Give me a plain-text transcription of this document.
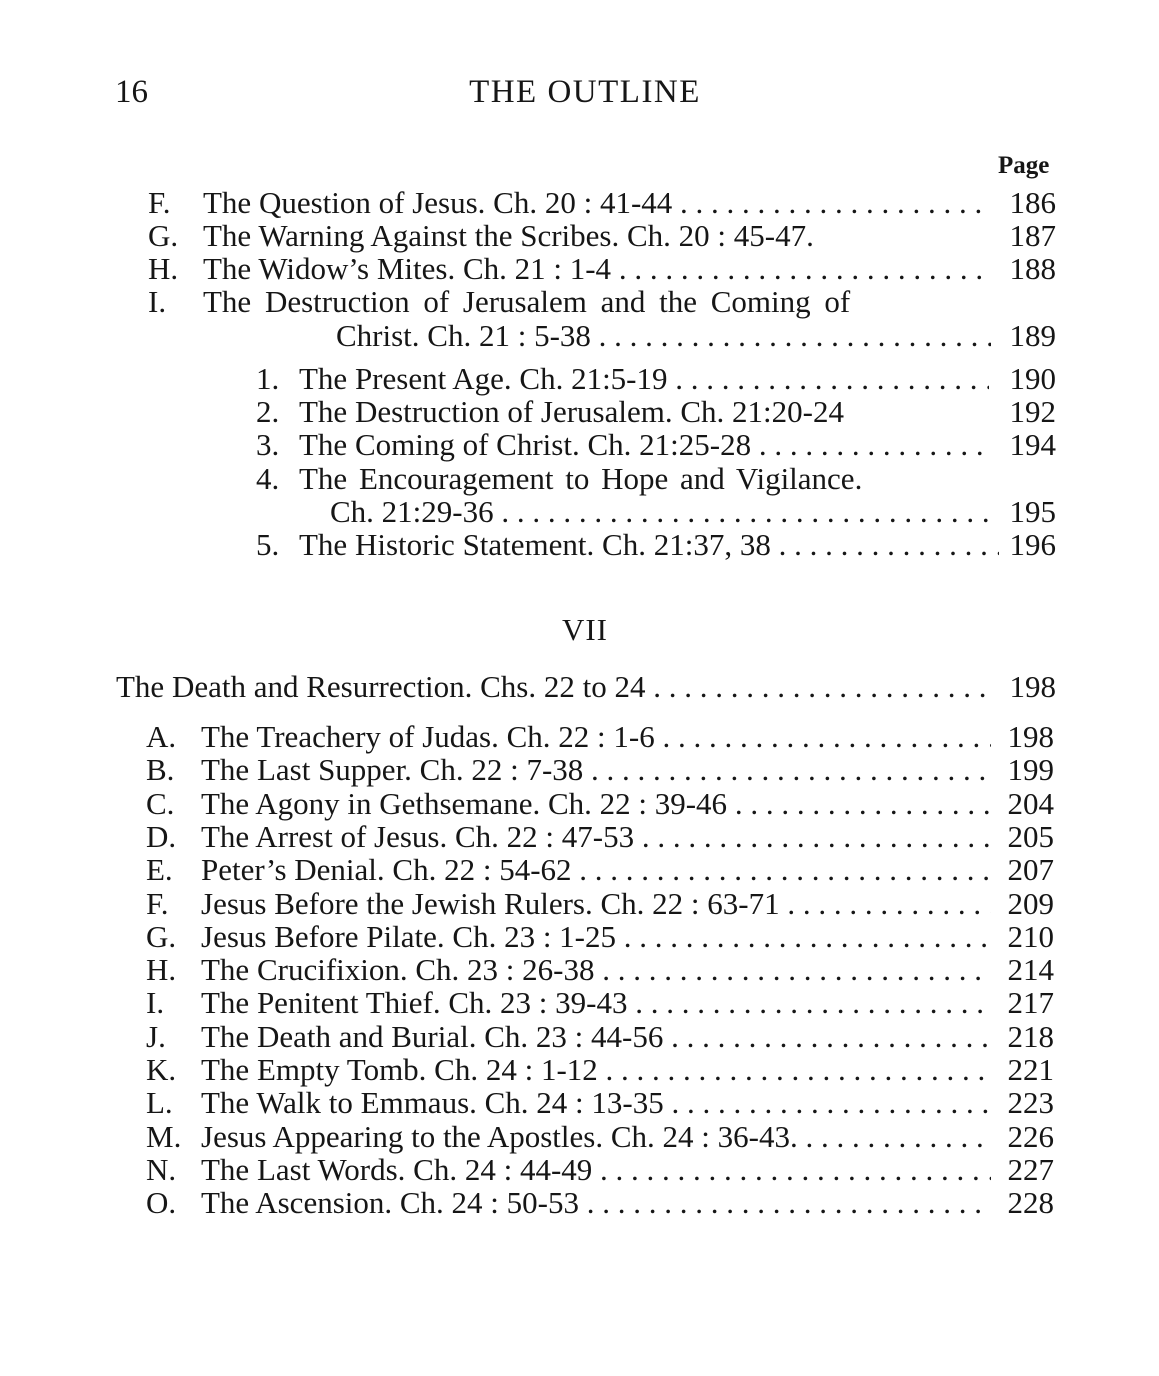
16	THE OUTLINE
Page
F. The Question of Jesus. Ch. 20 : 41-44 . . .	186
G. The Warning Against the Scribes. Ch. 20 : 45-47.	187
H. The Widow’s Mites. Ch. 21 : 1-4 . . .	188
I. The Destruction of Jerusalem and the Coming of
Christ. Ch. 21 : 5-38 . . .	189
1. The Present Age. Ch. 21:5-19 . . .	190
2. The Destruction of Jerusalem. Ch. 21:20-24	192
3. The Coming of Christ. Ch. 21:25-28 . . .	194
4. The Encouragement to Hope and Vigilance.
Ch. 21:29-36 . . .	195
5. The Historic Statement. Ch. 21:37, 38 . . .	196
VII
The Death and Resurrection. Chs. 22 to 24 . . .	198
A. The Treachery of Judas. Ch. 22 : 1-6 . . .	198
B. The Last Supper. Ch. 22 : 7-38 . . .	199
C. The Agony in Gethsemane. Ch. 22 : 39-46 . . .	204
D. The Arrest of Jesus. Ch. 22 : 47-53 . . .	205
E. Peter’s Denial. Ch. 22 : 54-62 . . .	207
F. Jesus Before the Jewish Rulers. Ch. 22 : 63-71 . . .	209
G. Jesus Before Pilate. Ch. 23 : 1-25 . . .	210
H. The Crucifixion. Ch. 23 : 26-38 . . .	214
I. The Penitent Thief. Ch. 23 : 39-43 . . .	217
J. The Death and Burial. Ch. 23 : 44-56 . . .	218
K. The Empty Tomb. Ch. 24 : 1-12 . . .	221
L. The Walk to Emmaus. Ch. 24 : 13-35 . . .	223
M. Jesus Appearing to the Apostles. Ch. 24 : 36-43. . . .	226
N. The Last Words. Ch. 24 : 44-49 . . .	227
O. The Ascension. Ch. 24 : 50-53 . . .	228
